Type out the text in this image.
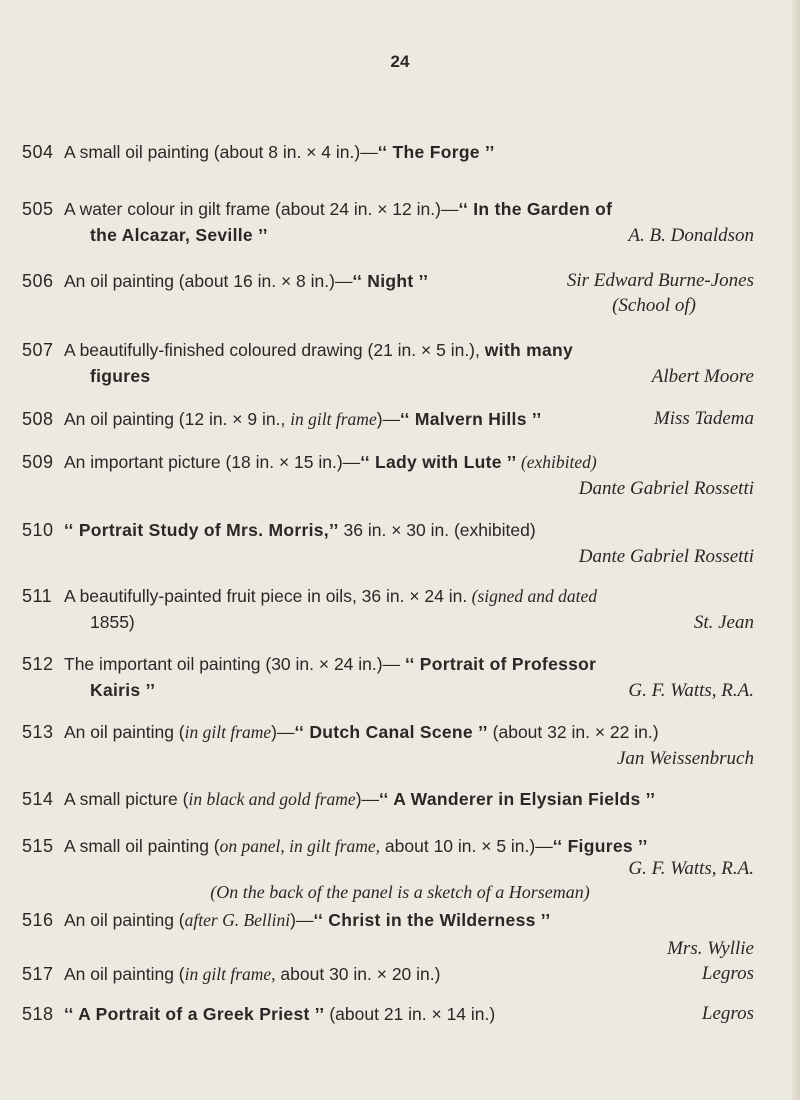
24
504 A small oil painting (about 8 in. × 4 in.)—‘‘ The Forge ’’
505 A water colour in gilt frame (about 24 in. × 12 in.)—‘‘ In the Garden of
the Alcazar, Seville ’’	A. B. Donaldson
506 An oil painting (about 16 in. × 8 in.)—‘‘ Night ’’	Sir Edward Burne-Jones
(School of)
507 A beautifully-finished coloured drawing (21 in. × 5 in.), with many
figures	Albert Moore
508 An oil painting (12 in. × 9 in., in gilt frame)—‘‘ Malvern Hills ’’	Miss Tadema
509 An important picture (18 in. × 15 in.)—‘‘ Lady with Lute ’’ (exhibited)
Dante Gabriel Rossetti
510 ‘‘ Portrait Study of Mrs. Morris,’’ 36 in. × 30 in. (exhibited)
Dante Gabriel Rossetti
511 A beautifully-painted fruit piece in oils, 36 in. × 24 in. (signed and dated
1855)	St. Jean
512 The important oil painting (30 in. × 24 in.)— ‘‘ Portrait of Professor
Kairis ’’	G. F. Watts, R.A.
513 An oil painting (in gilt frame)—‘‘ Dutch Canal Scene ’’ (about 32 in. × 22 in.)
Jan Weissenbruch
514 A small picture (in black and gold frame)—‘‘ A Wanderer in Elysian Fields ’’
515 A small oil painting (on panel, in gilt frame, about 10 in. × 5 in.)—‘‘ Figures ’’
G. F. Watts, R.A.
(On the back of the panel is a sketch of a Horseman)
516 An oil painting (after G. Bellini)—‘‘ Christ in the Wilderness ’’
Mrs. Wyllie
517 An oil painting (in gilt frame, about 30 in. × 20 in.)	Legros
518 ‘‘ A Portrait of a Greek Priest ’’ (about 21 in. × 14 in.)	Legros
